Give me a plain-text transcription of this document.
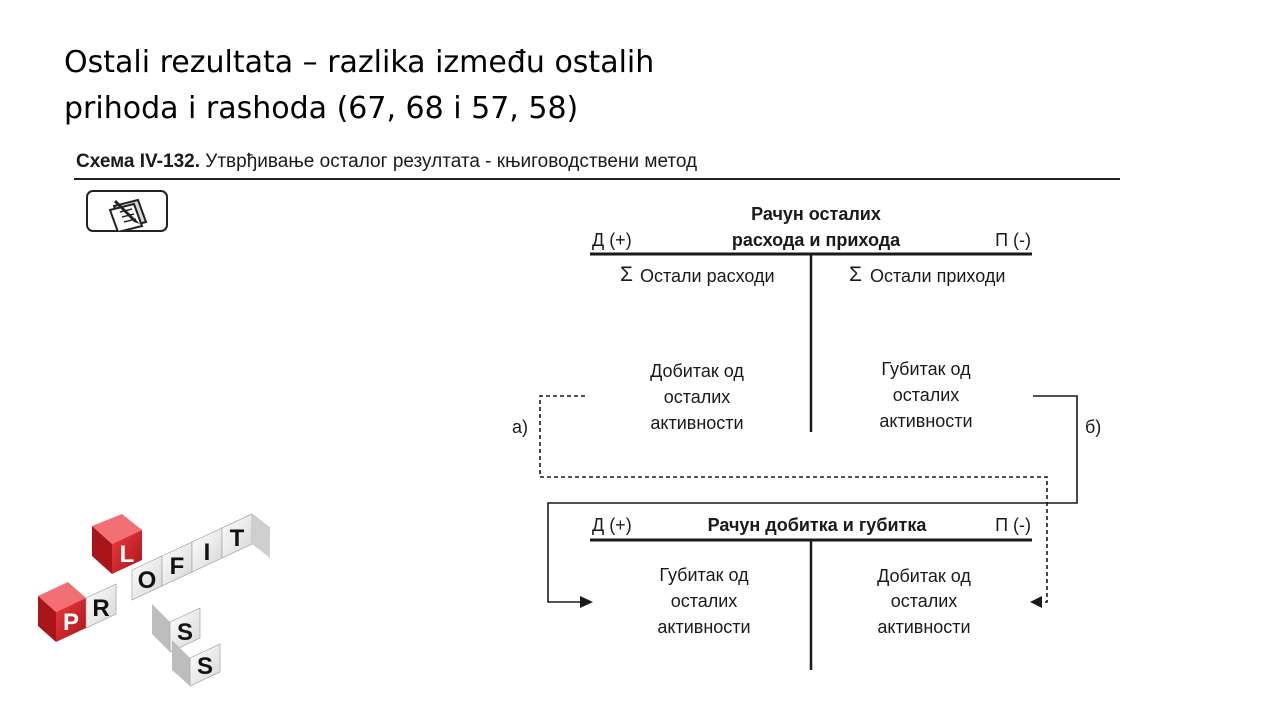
Ostali rezultata – razlika između ostalih
prihoda i rashoda (67, 68 i 57, 58)
Схема IV-132. Утврђивање осталог резултата - књиговодствени метод
Рачун осталих
расхода и прихода
Д (+)	П (-)
Σ Остали расходи	Σ Остали приходи
Добитак од
осталих
активности
Губитак од
осталих
активности
а)	б)
Рачун добитка и губитка
Д (+)	П (-)
Губитак од
осталих
активности
Добитак од
осталих
активности
L
O
S
S
P
R
F
I
T
